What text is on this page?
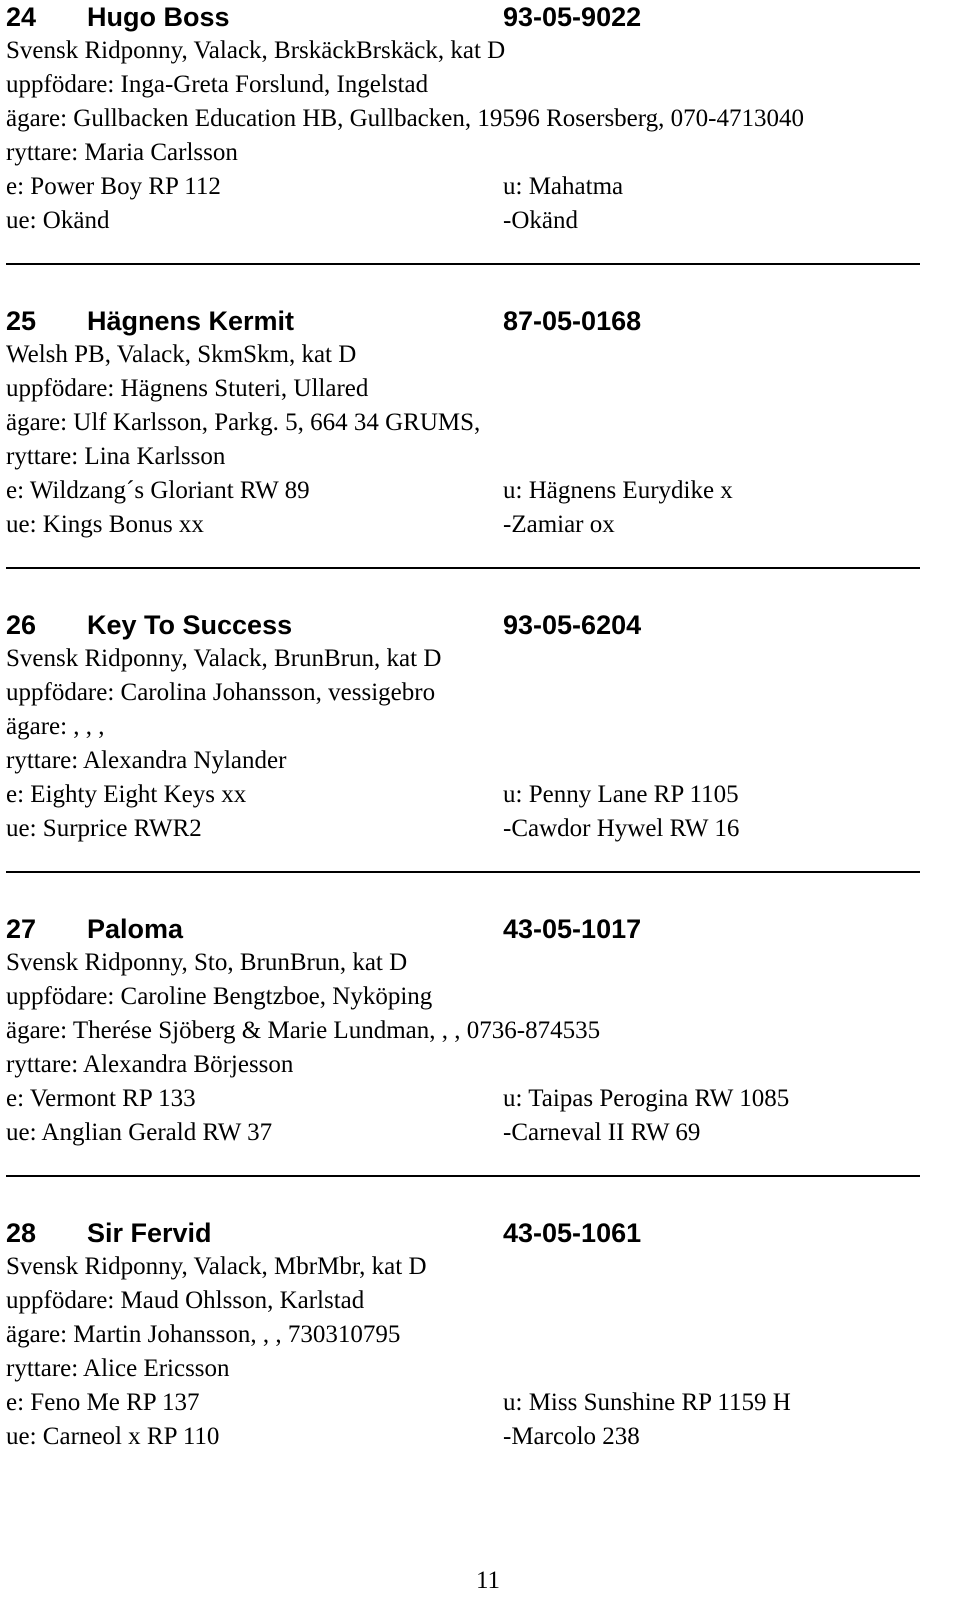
24 Hugo Boss	93-05-9022
Svensk Ridponny, Valack, BrskäckBrskäck, kat D
uppfödare: Inga-Greta Forslund, Ingelstad
ägare: Gullbacken Education HB, Gullbacken, 19596 Rosersberg, 070-4713040
ryttare: Maria Carlsson
e: Power Boy RP 112	u: Mahatma
ue: Okänd	-Okänd
25 Hägnens Kermit	87-05-0168
Welsh PB, Valack, SkmSkm, kat D
uppfödare: Hägnens Stuteri, Ullared
ägare: Ulf Karlsson, Parkg. 5, 664 34 GRUMS,
ryttare: Lina Karlsson
e: Wildzang´s Gloriant RW 89	u: Hägnens Eurydike x
ue: Kings Bonus xx	-Zamiar ox
26 Key To Success	93-05-6204
Svensk Ridponny, Valack, BrunBrun, kat D
uppfödare: Carolina Johansson, vessigebro
ägare: , , ,
ryttare: Alexandra Nylander
e: Eighty Eight Keys xx	u: Penny Lane RP 1105
ue: Surprice RWR2	-Cawdor Hywel RW 16
27 Paloma	43-05-1017
Svensk Ridponny, Sto, BrunBrun, kat D
uppfödare: Caroline Bengtzboe, Nyköping
ägare: Therése Sjöberg & Marie Lundman, , , 0736-874535
ryttare: Alexandra Börjesson
e: Vermont RP 133	u: Taipas Perogina RW 1085
ue: Anglian Gerald RW 37	-Carneval II RW 69
28 Sir Fervid	43-05-1061
Svensk Ridponny, Valack, MbrMbr, kat D
uppfödare: Maud Ohlsson, Karlstad
ägare: Martin Johansson, , , 730310795
ryttare: Alice Ericsson
e: Feno Me RP 137	u: Miss Sunshine RP 1159 H
ue: Carneol x RP 110	-Marcolo 238
11
